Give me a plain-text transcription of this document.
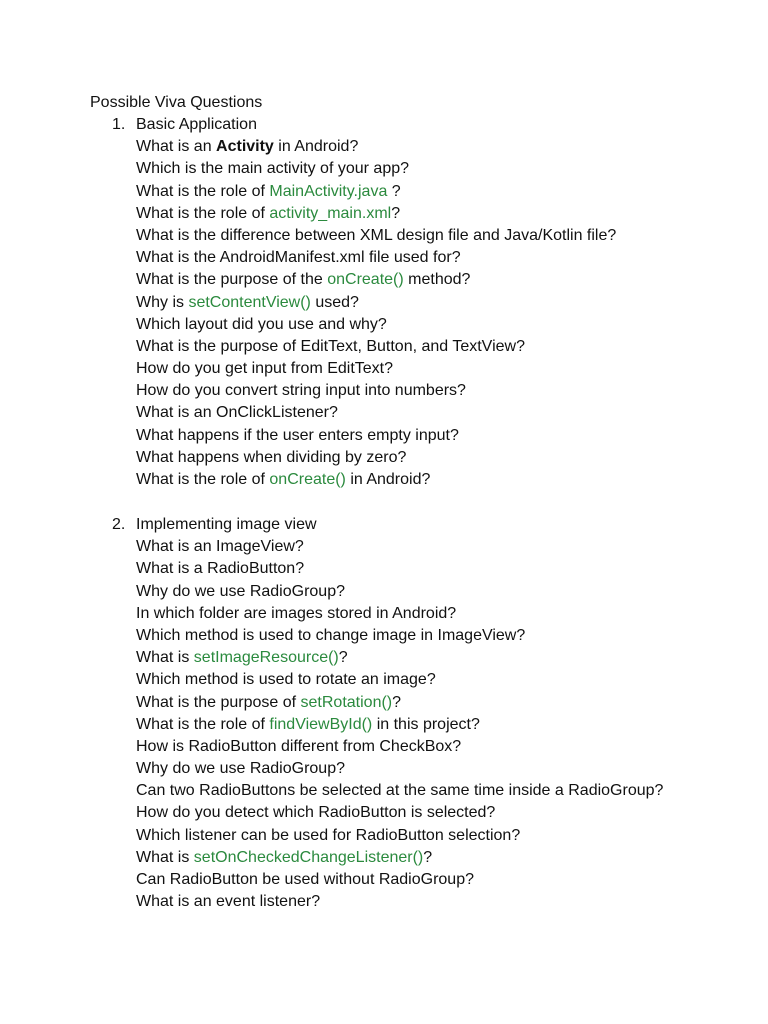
Possible Viva Questions
1. Basic Application
What is an Activity in Android?
Which is the main activity of your app?
What is the role of MainActivity.java ?
What is the role of activity_main.xml?
What is the difference between XML design file and Java/Kotlin file?
What is the AndroidManifest.xml file used for?
What is the purpose of the onCreate() method?
Why is setContentView() used?
Which layout did you use and why?
What is the purpose of EditText, Button, and TextView?
How do you get input from EditText?
How do you convert string input into numbers?
What is an OnClickListener?
What happens if the user enters empty input?
What happens when dividing by zero?
What is the role of onCreate() in Android?
2. Implementing image view
What is an ImageView?
What is a RadioButton?
Why do we use RadioGroup?
In which folder are images stored in Android?
Which method is used to change image in ImageView?
What is setImageResource()?
Which method is used to rotate an image?
What is the purpose of setRotation()?
What is the role of findViewById() in this project?
How is RadioButton different from CheckBox?
Why do we use RadioGroup?
Can two RadioButtons be selected at the same time inside a RadioGroup?
How do you detect which RadioButton is selected?
Which listener can be used for RadioButton selection?
What is setOnCheckedChangeListener()?
Can RadioButton be used without RadioGroup?
What is an event listener?
